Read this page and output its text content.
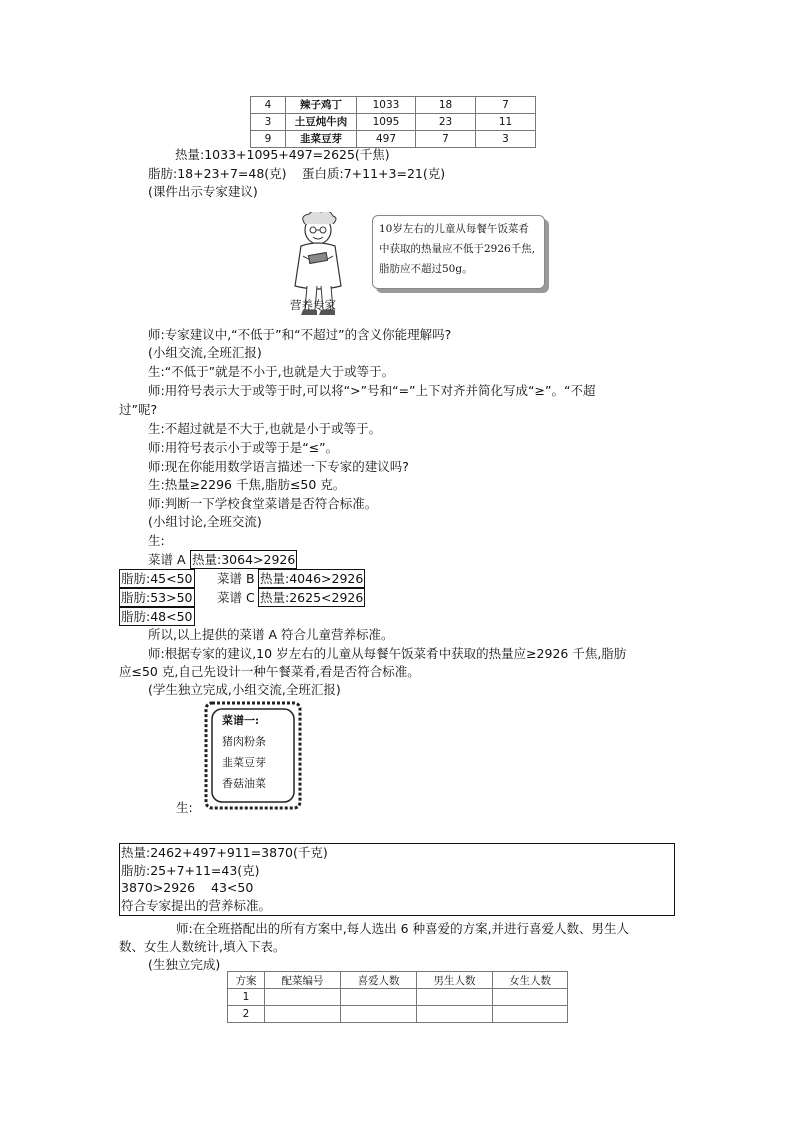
4	辣子鸡丁	1033	18	7
3	土豆炖牛肉	1095	23	11
9	韭菜豆芽	497	7	3
热量:1033+1095+497=2625(千焦)
脂肪:18+23+7=48(克) 蛋白质:7+11+3=21(克)
(课件出示专家建议)
营养专家
10岁左右的儿童从每餐午饭菜肴中获取的热量应不低于2926千焦,脂肪应不超过50g。
师:专家建议中,“不低于”和“不超过”的含义你能理解吗?
(小组交流,全班汇报)
生:“不低于”就是不小于,也就是大于或等于。
师:用符号表示大于或等于时,可以将“>”号和“=”上下对齐并简化写成“≥”。“不超
过”呢?
生:不超过就是不大于,也就是小于或等于。
师:用符号表示小于或等于是“≤”。
师:现在你能用数学语言描述一下专家的建议吗?
生:热量≥2296 千焦,脂肪≤50 克。
师:判断一下学校食堂菜谱是否符合标准。
(小组讨论,全班交流)
生:
菜谱 A 热量:3064>2926
脂肪:45<50 菜谱 B 热量:4046>2926
脂肪:53>50 菜谱 C 热量:2625<2926
脂肪:48<50
所以,以上提供的菜谱 A 符合儿童营养标准。
师:根据专家的建议,10 岁左右的儿童从每餐午饭菜肴中获取的热量应≥2926 千焦,脂肪
应≤50 克,自己先设计一种午餐菜肴,看是否符合标准。
(学生独立完成,小组交流,全班汇报)
菜谱一:
猪肉粉条
韭菜豆芽
香菇油菜
生:
热量:2462+497+911=3870(千克)
脂肪:25+7+11=43(克)
3870>2926    43<50
符合专家提出的营养标准。
师:在全班搭配出的所有方案中,每人选出 6 种喜爱的方案,并进行喜爱人数、男生人
数、女生人数统计,填入下表。
(生独立完成)
方案	配菜编号	喜爱人数	男生人数	女生人数
1				
2				
